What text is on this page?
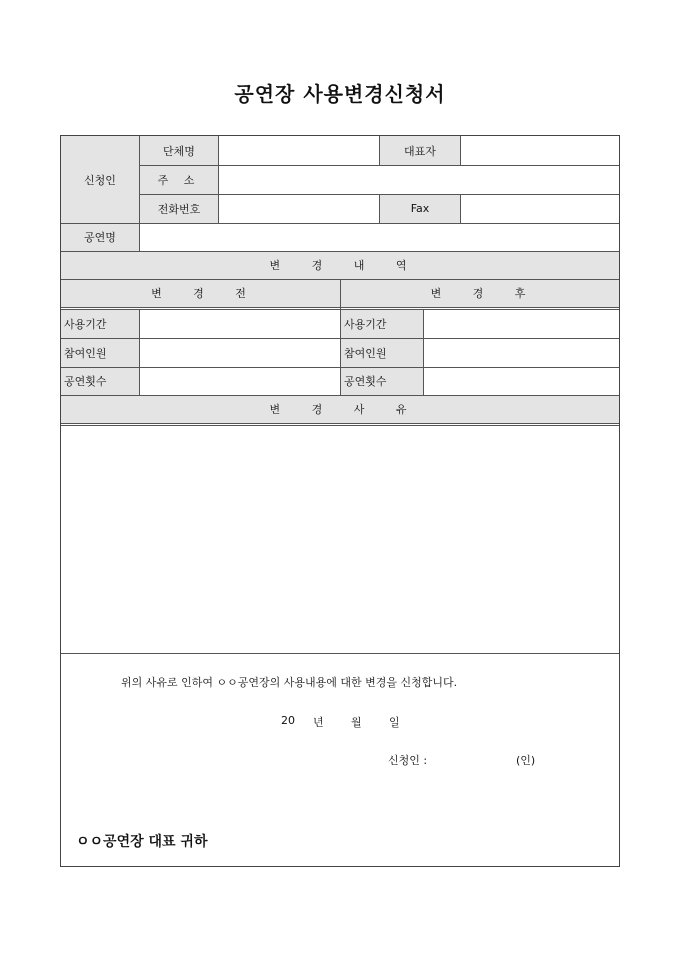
공연장 사용변경신청서
신청인
단체명	대표자
주 소
전화번호	Fax
공연명
변 경 내 역
변 경 전	변 경 후
사용기간	사용기간
참여인원	참여인원
공연횟수	공연횟수
변 경 사 유
위의 사유로 인하여 ㅇㅇ공연장의 사용내용에 대한 변경을 신청합니다.
20 년 월 일
신청인 :	(인)
ㅇㅇ공연장 대표 귀하
